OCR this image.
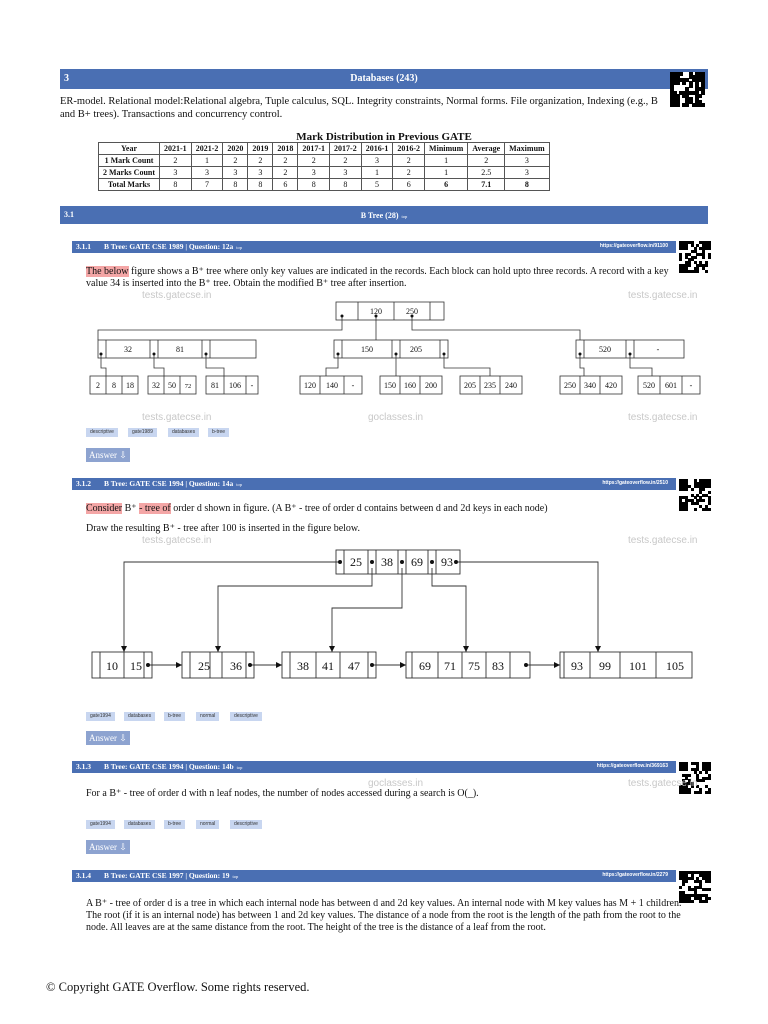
3	Databases (243)
ER-model. Relational model:Relational algebra, Tuple calculus, SQL. Integrity constraints, Normal forms. File organization, Indexing (e.g., B and B+ trees). Transactions and concurrency control.
Mark Distribution in Previous GATE
Year	2021-1	2021-2	2020	2019	2018	2017-1	2017-2	2016-1	2016-2	Minimum	Average	Maximum
1 Mark Count	2	1	2	2	2	2	2	3	2	1	2	3
2 Marks Count	3	3	3	3	2	3	3	1	2	1	2.5	3
Total Marks	8	7	8	8	6	8	8	5	6	6	7.1	8
3.1	B Tree (28) top
3.1.1 B Tree: GATE CSE 1989 | Question: 12a top	https://gateoverflow.in/91100
The below figure shows a B⁺ tree where only key values are indicated in the records. Each block can hold upto three records. A record with a key value 34 is inserted into the B⁺ tree. Obtain the modified B⁺ tree after insertion.
tests.gatecse.in	tests.gatecse.in
tests.gatecse.in	goclasses.in	tests.gatecse.in
120	250
32	81	150	205	520	-
2 8 18 32 50 72 81 106 -	120 140 -	150 160 200	205 235 240	250 340 420	520 601 -
descriptive	gate1989	databases	b-tree
Answer ⇩
3.1.2 B Tree: GATE CSE 1994 | Question: 14a top	https://gateoverflow.in/2510
Consider B⁺ - tree of order d shown in figure. (A B⁺ - tree of order d contains between d and 2d keys in each node)
Draw the resulting B⁺ - tree after 100 is inserted in the figure below.
tests.gatecse.in	tests.gatecse.in
25 38 69 93
10 15	25 36	38 41 47	69 71 75 83	93 99 101 105
gate1994	databases	b-tree	normal	descriptive
Answer ⇩
3.1.3 B Tree: GATE CSE 1994 | Question: 14b top	https://gateoverflow.in/369163
goclasses.in	tests.gatecse.in
For a B⁺ - tree of order d with n leaf nodes, the number of nodes accessed during a search is O(_).
gate1994	databases	b-tree	normal	descriptive
Answer ⇩
3.1.4 B Tree: GATE CSE 1997 | Question: 19 top	https://gateoverflow.in/2279
A B⁺ - tree of order d is a tree in which each internal node has between d and 2d key values. An internal node with M key values has M + 1 children. The root (if it is an internal node) has between 1 and 2d key values. The distance of a node from the root is the length of the path from the root to the node. All leaves are at the same distance from the root. The height of the tree is the distance of a leaf from the root.
© Copyright GATE Overflow. Some rights reserved.
